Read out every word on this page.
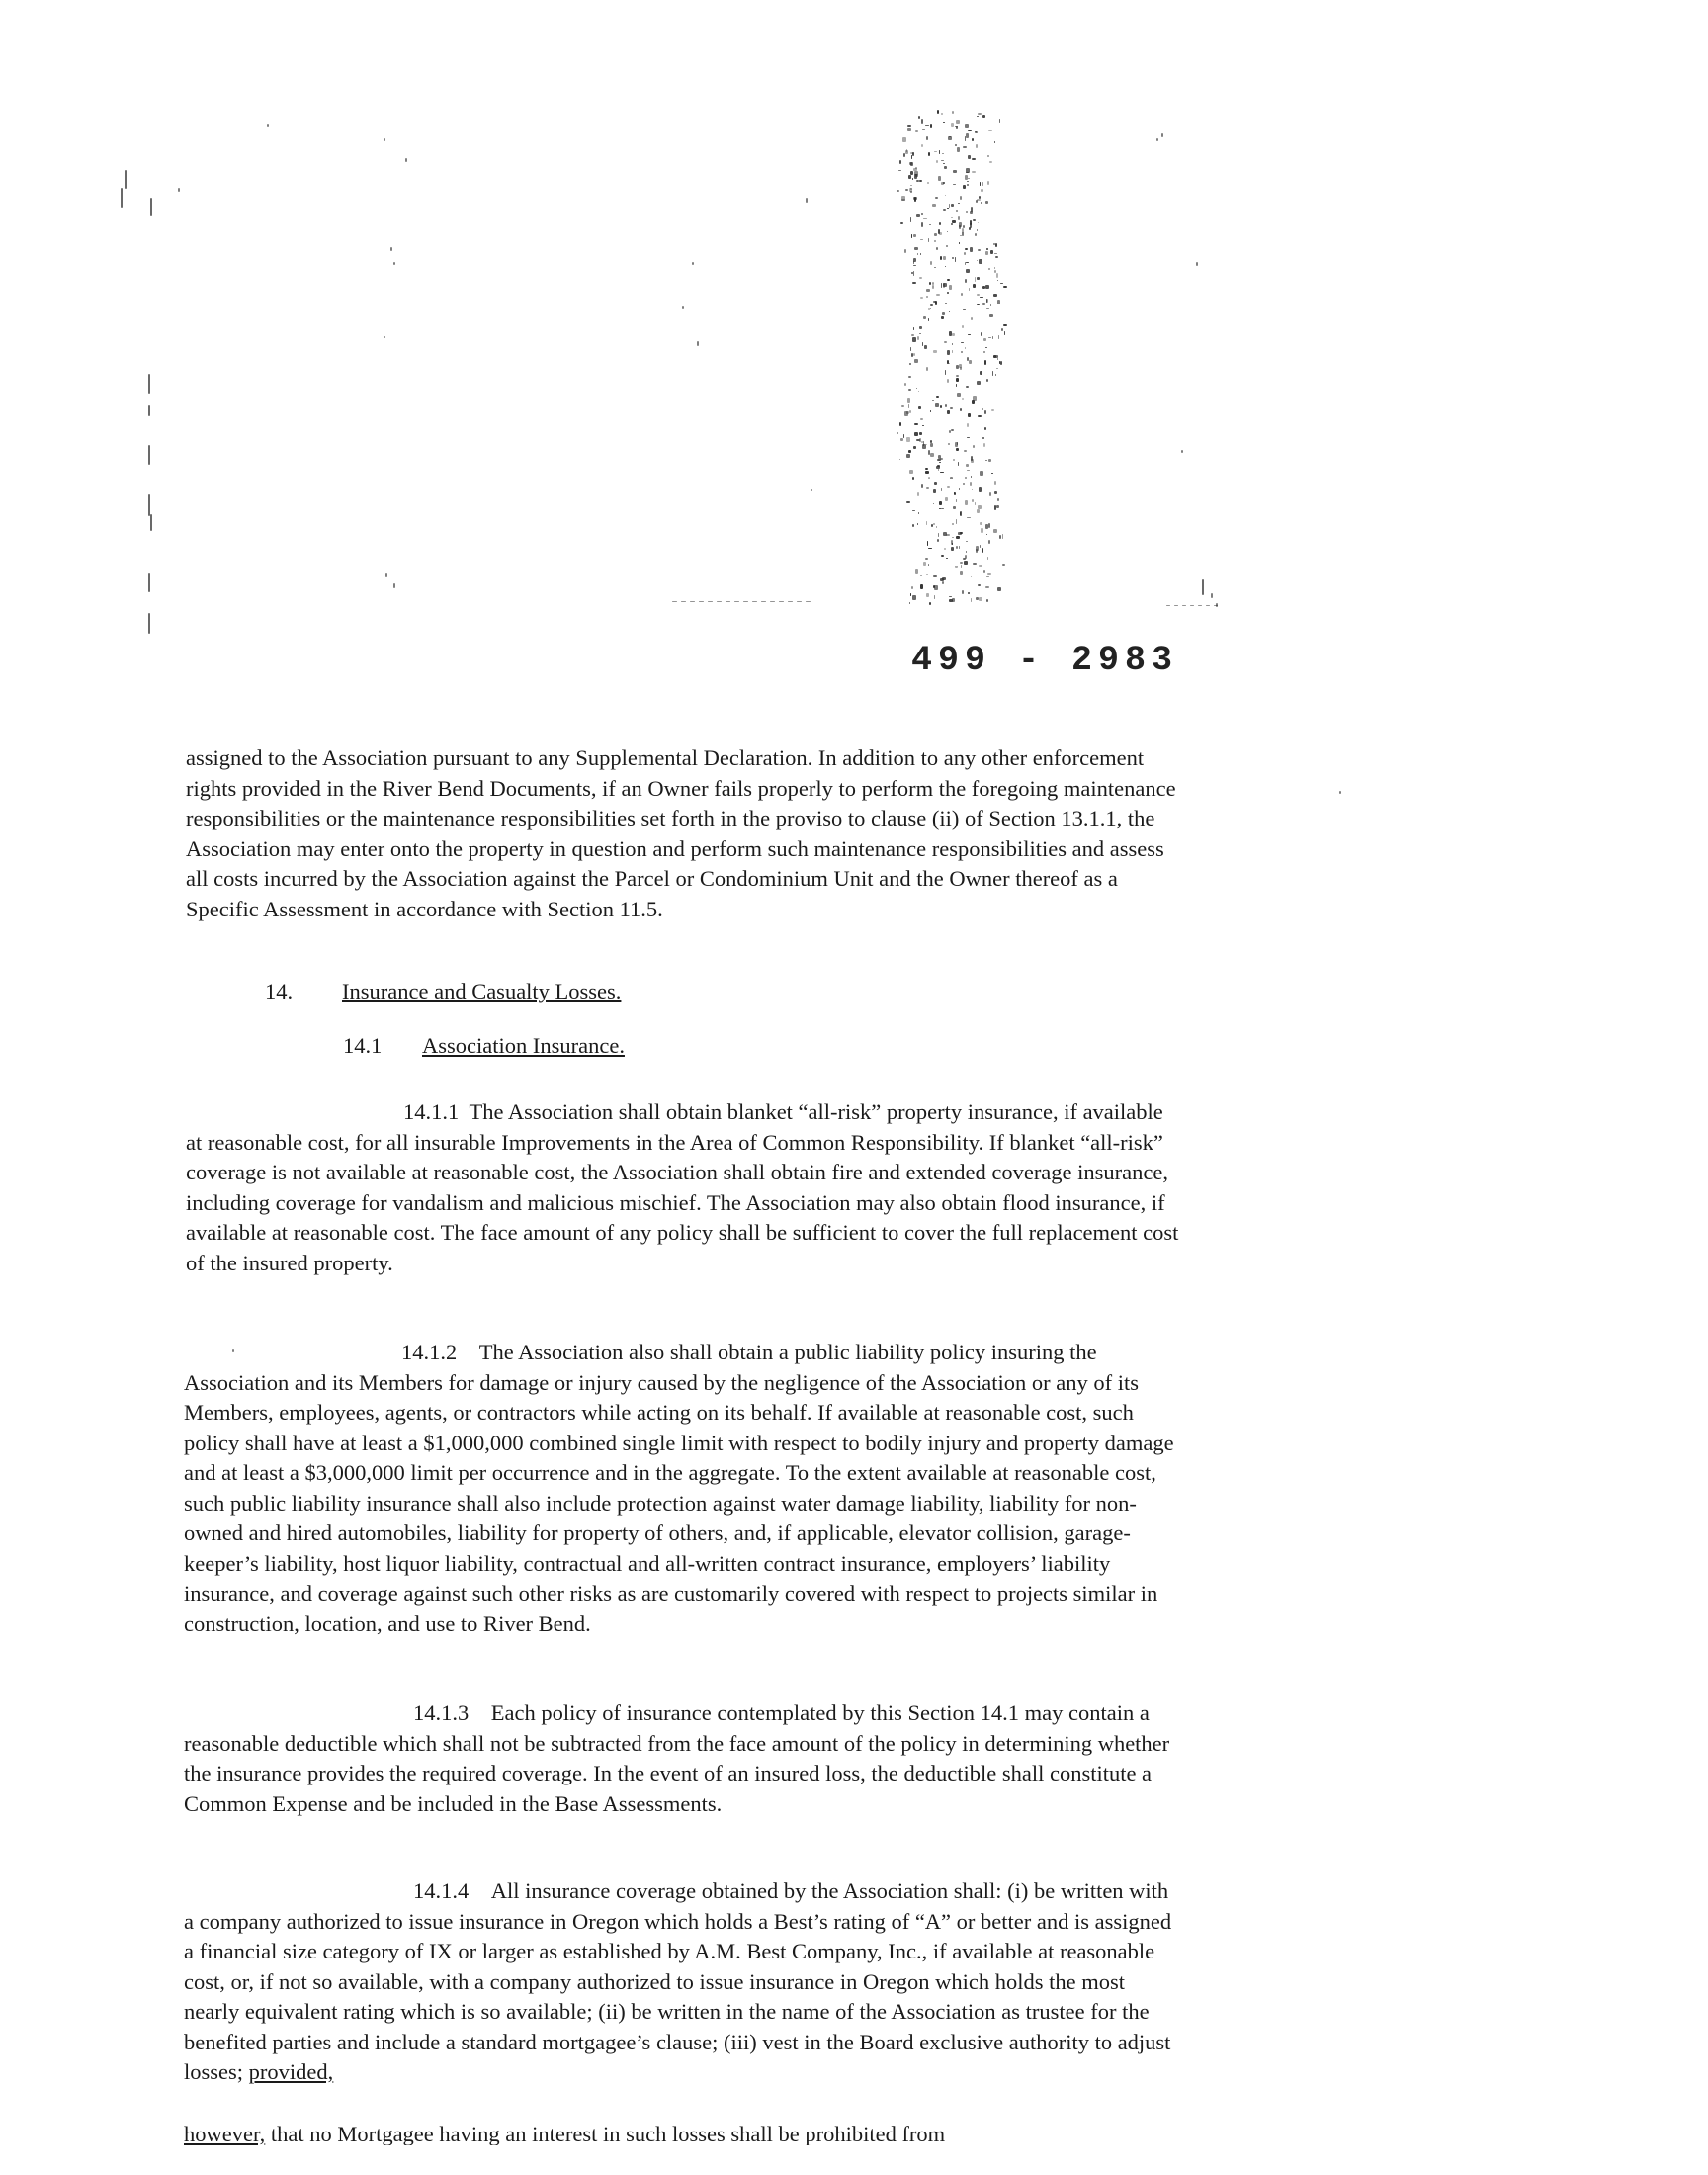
499 - 2983

assigned to the Association pursuant to any Supplemental Declaration. In addition to any other enforcement rights provided in the River Bend Documents, if an Owner fails properly to perform the foregoing maintenance responsibilities or the maintenance responsibilities set forth in the proviso to clause (ii) of Section 13.1.1, the Association may enter onto the property in question and perform such maintenance responsibilities and assess all costs incurred by the Association against the Parcel or Condominium Unit and the Owner thereof as a Specific Assessment in accordance with Section 11.5.

14. Insurance and Casualty Losses.

14.1 Association Insurance.

14.1.1 The Association shall obtain blanket “all-risk” property insurance, if available at reasonable cost, for all insurable Improvements in the Area of Common Responsibility. If blanket “all-risk” coverage is not available at reasonable cost, the Association shall obtain fire and extended coverage insurance, including coverage for vandalism and malicious mischief. The Association may also obtain flood insurance, if available at reasonable cost. The face amount of any policy shall be sufficient to cover the full replacement cost of the insured property.

14.1.2 The Association also shall obtain a public liability policy insuring the Association and its Members for damage or injury caused by the negligence of the Association or any of its Members, employees, agents, or contractors while acting on its behalf. If available at reasonable cost, such policy shall have at least a $1,000,000 combined single limit with respect to bodily injury and property damage and at least a $3,000,000 limit per occurrence and in the aggregate. To the extent available at reasonable cost, such public liability insurance shall also include protection against water damage liability, liability for non-owned and hired automobiles, liability for property of others, and, if applicable, elevator collision, garage-keeper’s liability, host liquor liability, contractual and all-written contract insurance, employers’ liability insurance, and coverage against such other risks as are customarily covered with respect to projects similar in construction, location, and use to River Bend.

14.1.3 Each policy of insurance contemplated by this Section 14.1 may contain a reasonable deductible which shall not be subtracted from the face amount of the policy in determining whether the insurance provides the required coverage. In the event of an insured loss, the deductible shall constitute a Common Expense and be included in the Base Assessments.

14.1.4 All insurance coverage obtained by the Association shall: (i) be written with a company authorized to issue insurance in Oregon which holds a Best’s rating of “A” or better and is assigned a financial size category of IX or larger as established by A.M. Best Company, Inc., if available at reasonable cost, or, if not so available, with a company authorized to issue insurance in Oregon which holds the most nearly equivalent rating which is so available; (ii) be written in the name of the Association as trustee for the benefited parties and include a standard mortgagee’s clause; (iii) vest in the Board exclusive authority to adjust losses; provided,

however, that no Mortgagee having an interest in such losses shall be prohibited from
